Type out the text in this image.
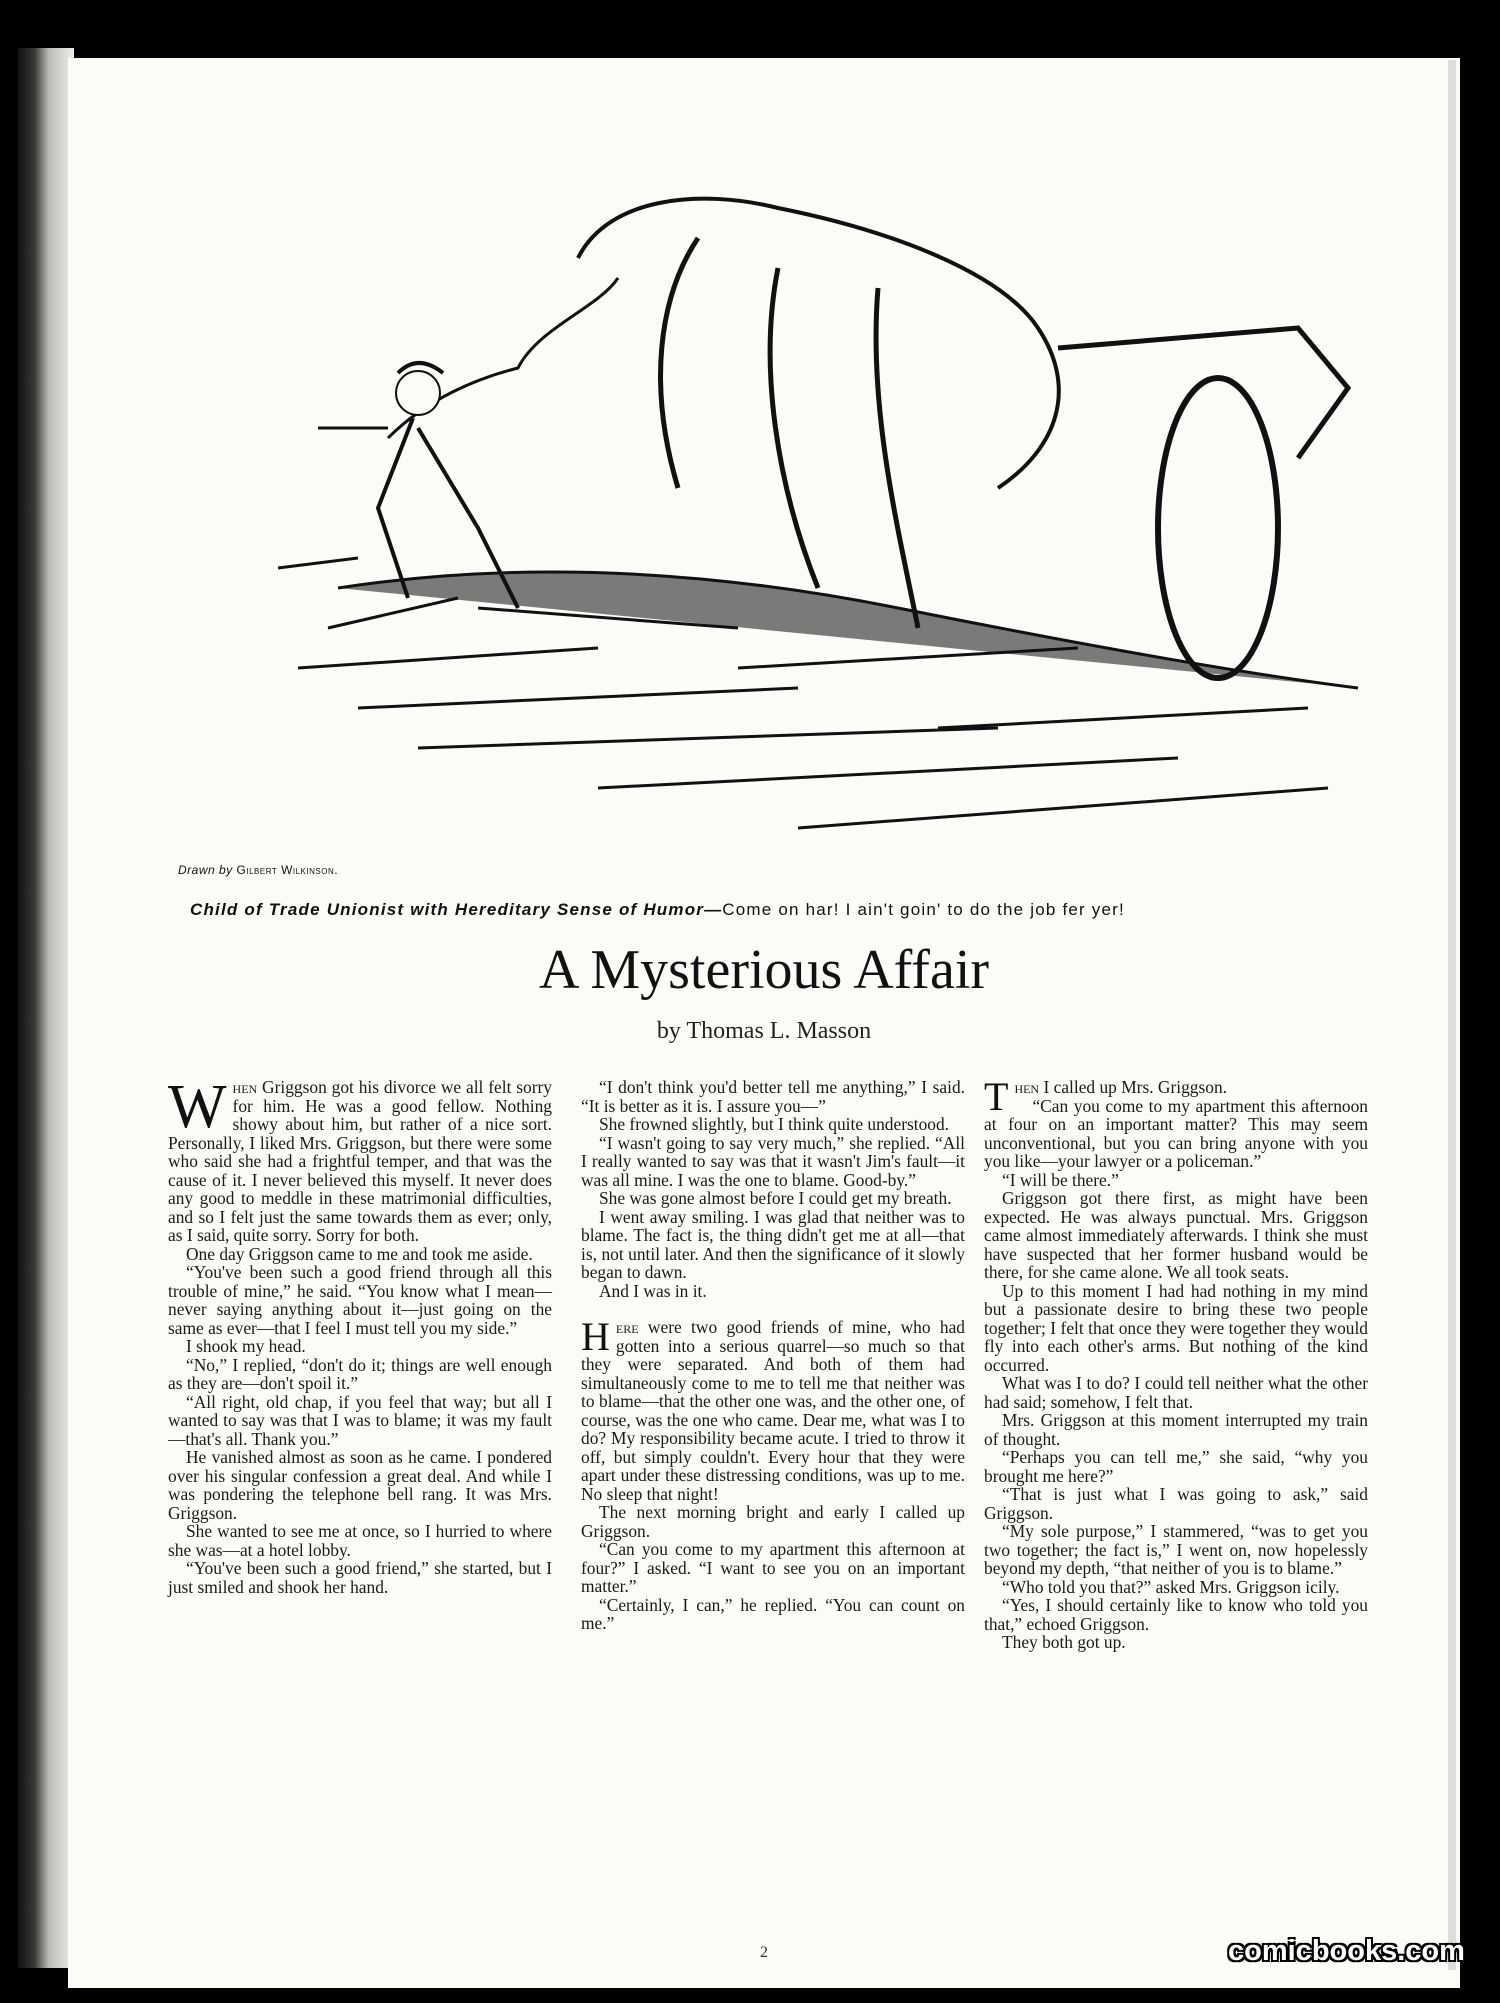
Drawn by Gilbert Wilkinson.
Child of Trade Unionist with Hereditary Sense of Humor—Come on har! I ain't goin' to do the job fer yer!
A Mysterious Affair
by Thomas L. Masson

When Griggson got his divorce we all felt sorry for him. He was a good fellow. Nothing showy about him, but rather of a nice sort. Personally, I liked Mrs. Griggson, but there were some who said she had a frightful temper, and that was the cause of it. I never believed this myself. It never does any good to meddle in these matrimonial difficulties, and so I felt just the same towards them as ever; only, as I said, quite sorry. Sorry for both.

One day Griggson came to me and took me aside.

“You've been such a good friend through all this trouble of mine,” he said. “You know what I mean—never saying anything about it—just going on the same as ever—that I feel I must tell you my side.”

I shook my head.

“No,” I replied, “don't do it; things are well enough as they are—don't spoil it.”

“All right, old chap, if you feel that way; but all I wanted to say was that I was to blame; it was my fault—that's all. Thank you.”

He vanished almost as soon as he came. I pondered over his singular confession a great deal. And while I was pondering the telephone bell rang. It was Mrs. Griggson.

She wanted to see me at once, so I hurried to where she was—at a hotel lobby.

“You've been such a good friend,” she started, but I just smiled and shook her hand.

“I don't think you'd better tell me anything,” I said. “It is better as it is. I assure you—”

She frowned slightly, but I think quite understood.

“I wasn't going to say very much,” she replied. “All I really wanted to say was that it wasn't Jim's fault—it was all mine. I was the one to blame. Good-by.”

She was gone almost before I could get my breath.

I went away smiling. I was glad that neither was to blame. The fact is, the thing didn't get me at all—that is, not until later. And then the significance of it slowly began to dawn.

And I was in it.

Here were two good friends of mine, who had gotten into a serious quarrel—so much so that they were separated. And both of them had simultaneously come to me to tell me that neither was to blame—that the other one was, and the other one, of course, was the one who came. Dear me, what was I to do? My responsibility became acute. I tried to throw it off, but simply couldn't. Every hour that they were apart under these distressing conditions, was up to me. No sleep that night!

The next morning bright and early I called up Griggson.

“Can you come to my apartment this afternoon at four?” I asked. “I want to see you on an important matter.”

“Certainly, I can,” he replied. “You can count on me.”

Then I called up Mrs. Griggson.

“Can you come to my apartment this afternoon at four on an important matter? This may seem unconventional, but you can bring anyone with you you like—your lawyer or a policeman.”

“I will be there.”

Griggson got there first, as might have been expected. He was always punctual. Mrs. Griggson came almost immediately afterwards. I think she must have suspected that her former husband would be there, for she came alone. We all took seats.

Up to this moment I had had nothing in my mind but a passionate desire to bring these two people together; I felt that once they were together they would fly into each other's arms. But nothing of the kind occurred.

What was I to do? I could tell neither what the other had said; somehow, I felt that.

Mrs. Griggson at this moment interrupted my train of thought.

“Perhaps you can tell me,” she said, “why you brought me here?”

“That is just what I was going to ask,” said Griggson.

“My sole purpose,” I stammered, “was to get you two together; the fact is,” I went on, now hopelessly beyond my depth, “that neither of you is to blame.”

“Who told you that?” asked Mrs. Griggson icily.

“Yes, I should certainly like to know who told you that,” echoed Griggson.

They both got up.

2	comicbooks.com
